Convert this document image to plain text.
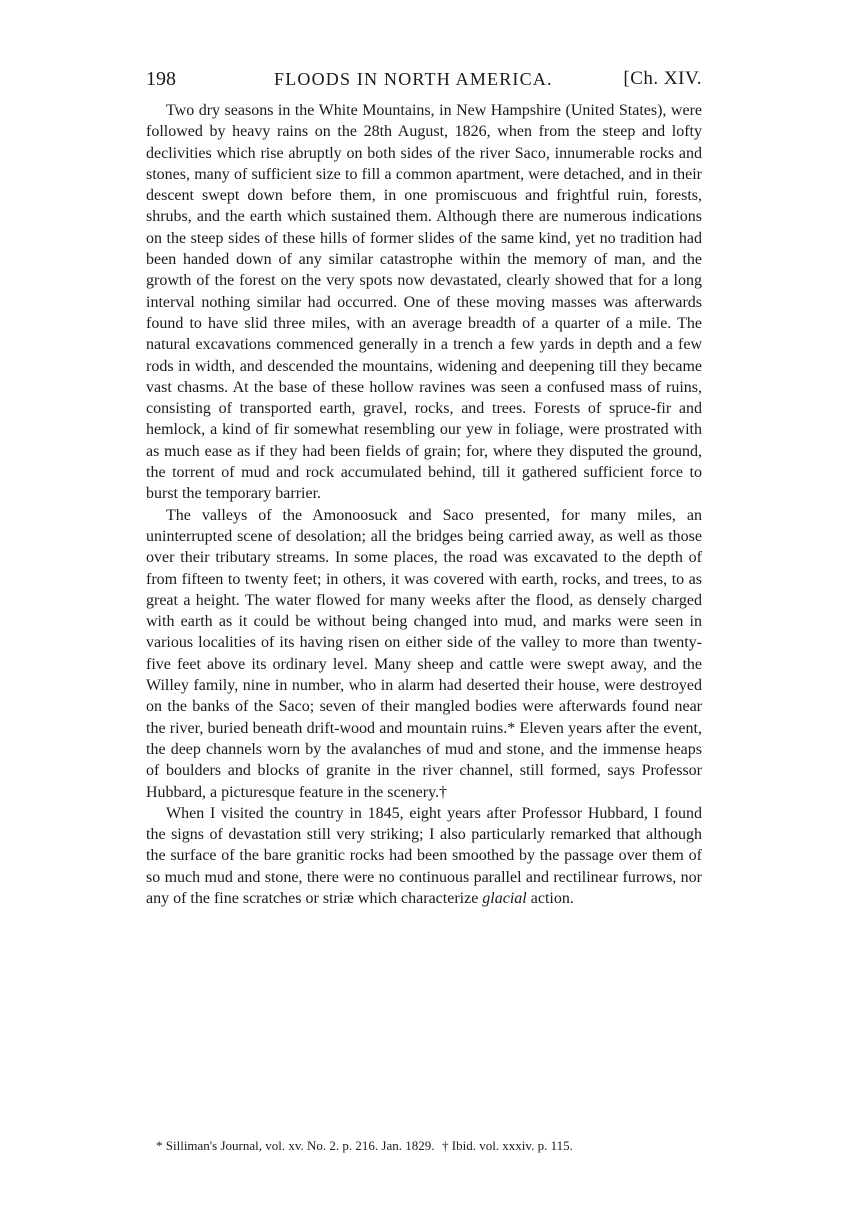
198	FLOODS IN NORTH AMERICA.	[Ch. XIV.

Two dry seasons in the White Mountains, in New Hampshire (United States), were followed by heavy rains on the 28th August, 1826, when from the steep and lofty declivities which rise abruptly on both sides of the river Saco, innumerable rocks and stones, many of sufficient size to fill a common apartment, were detached, and in their descent swept down before them, in one promiscuous and frightful ruin, forests, shrubs, and the earth which sustained them. Although there are numerous indications on the steep sides of these hills of former slides of the same kind, yet no tradition had been handed down of any similar catastrophe within the memory of man, and the growth of the forest on the very spots now devastated, clearly showed that for a long interval nothing similar had occurred. One of these moving masses was afterwards found to have slid three miles, with an average breadth of a quarter of a mile. The natural excavations commenced generally in a trench a few yards in depth and a few rods in width, and descended the mountains, widening and deepening till they became vast chasms. At the base of these hollow ravines was seen a confused mass of ruins, consisting of transported earth, gravel, rocks, and trees. Forests of spruce-fir and hemlock, a kind of fir somewhat resembling our yew in foliage, were prostrated with as much ease as if they had been fields of grain; for, where they disputed the ground, the torrent of mud and rock accumulated behind, till it gathered sufficient force to burst the temporary barrier.

The valleys of the Amonoosuck and Saco presented, for many miles, an uninterrupted scene of desolation; all the bridges being carried away, as well as those over their tributary streams. In some places, the road was excavated to the depth of from fifteen to twenty feet; in others, it was covered with earth, rocks, and trees, to as great a height. The water flowed for many weeks after the flood, as densely charged with earth as it could be without being changed into mud, and marks were seen in various localities of its having risen on either side of the valley to more than twenty-five feet above its ordinary level. Many sheep and cattle were swept away, and the Willey family, nine in number, who in alarm had deserted their house, were destroyed on the banks of the Saco; seven of their mangled bodies were afterwards found near the river, buried beneath drift-wood and mountain ruins.* Eleven years after the event, the deep channels worn by the avalanches of mud and stone, and the immense heaps of boulders and blocks of granite in the river channel, still formed, says Professor Hubbard, a picturesque feature in the scenery.†

When I visited the country in 1845, eight years after Professor Hubbard, I found the signs of devastation still very striking; I also particularly remarked that although the surface of the bare granitic rocks had been smoothed by the passage over them of so much mud and stone, there were no continuous parallel and rectilinear furrows, nor any of the fine scratches or striæ which characterize glacial action.

* Silliman's Journal, vol. xv. No. 2. p. 216. Jan. 1829. † Ibid. vol. xxxiv. p. 115.
